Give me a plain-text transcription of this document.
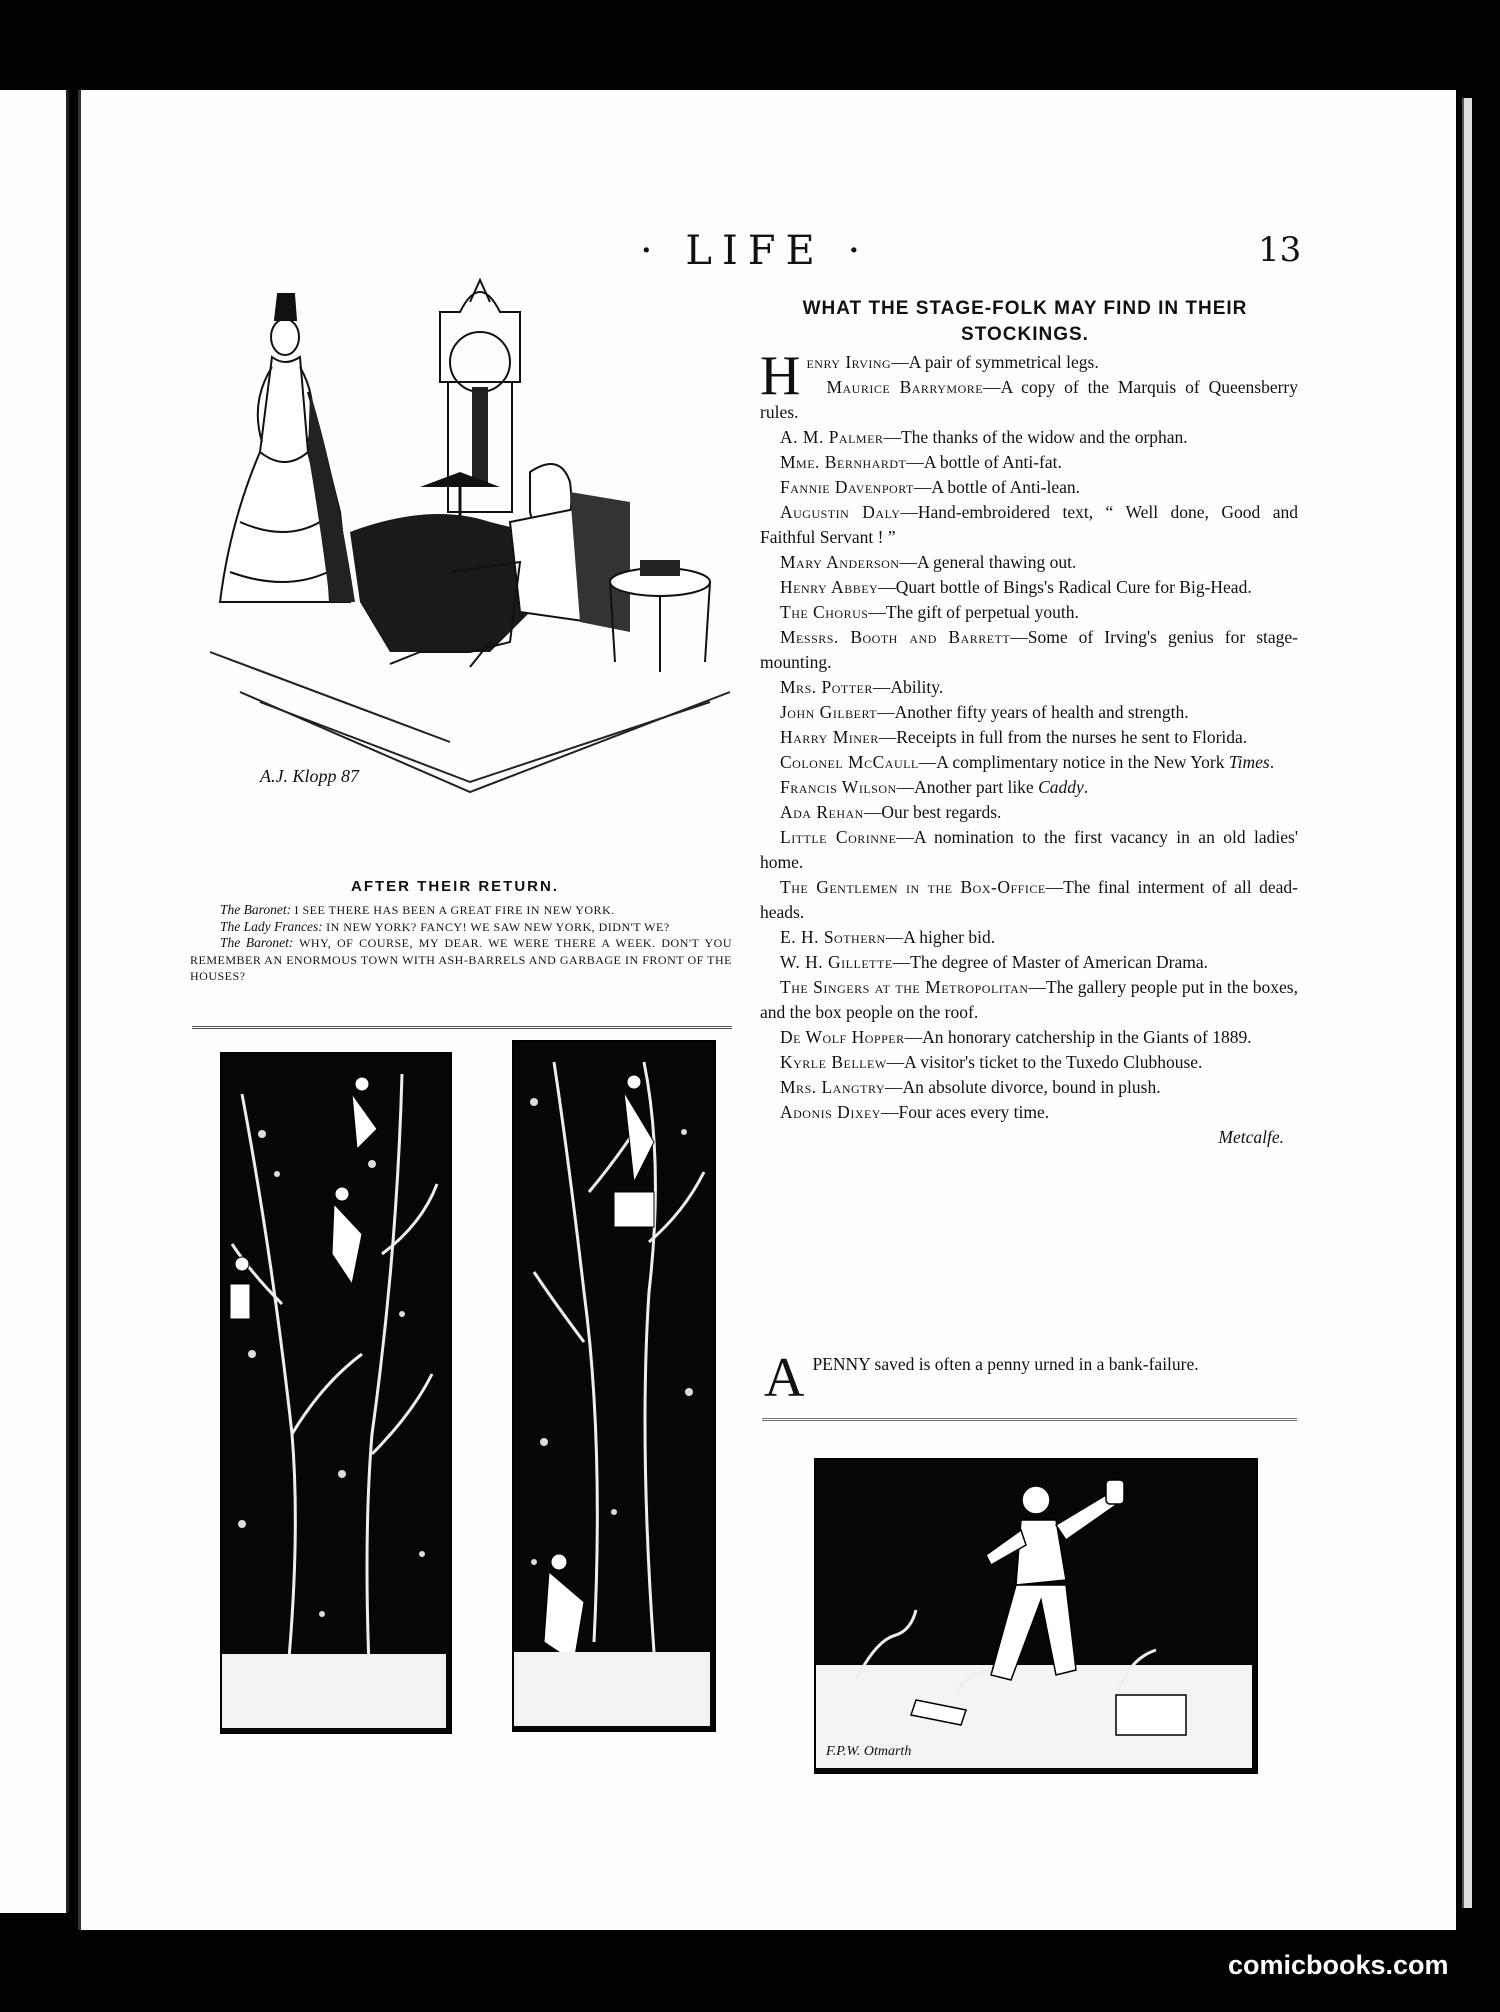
· LIFE ·	13
A.J. Klopp 87
AFTER THEIR RETURN.

The Baronet: I SEE THERE HAS BEEN A GREAT FIRE IN NEW YORK.

The Lady Frances: IN NEW YORK? FANCY! WE SAW NEW YORK, DIDN'T WE?

The Baronet: WHY, OF COURSE, MY DEAR. WE WERE THERE A WEEK. DON'T YOU REMEMBER AN ENORMOUS TOWN WITH ASH-BARRELS AND GARBAGE IN FRONT OF THE HOUSES?

WHAT THE STAGE-FOLK MAY FIND IN THEIR STOCKINGS.

Henry Irving—A pair of symmetrical legs.

Maurice Barrymore—A copy of the Marquis of Queensberry rules.

A. M. Palmer—The thanks of the widow and the orphan.

Mme. Bernhardt—A bottle of Anti-fat.

Fannie Davenport—A bottle of Anti-lean.

Augustin Daly—Hand-embroidered text, “ Well done, Good and Faithful Servant ! ”

Mary Anderson—A general thawing out.

Henry Abbey—Quart bottle of Bings's Radical Cure for Big-Head.

The Chorus—The gift of perpetual youth.

Messrs. Booth and Barrett—Some of Irving's genius for stage-mounting.

Mrs. Potter—Ability.

John Gilbert—Another fifty years of health and strength.

Harry Miner—Receipts in full from the nurses he sent to Florida.

Colonel McCaull—A complimentary notice in the New York Times.

Francis Wilson—Another part like Caddy.

Ada Rehan—Our best regards.

Little Corinne—A nomination to the first vacancy in an old ladies' home.

The Gentlemen in the Box-Office—The final interment of all dead-heads.

E. H. Sothern—A higher bid.

W. H. Gillette—The degree of Master of American Drama.

The Singers at the Metropolitan—The gallery people put in the boxes, and the box people on the roof.

De Wolf Hopper—An honorary catchership in the Giants of 1889.

Kyrle Bellew—A visitor's ticket to the Tuxedo Clubhouse.

Mrs. Langtry—An absolute divorce, bound in plush.

Adonis Dixey—Four aces every time.

Metcalfe.

APENNY saved is often a penny urned in a bank-failure.
F.P.W. Otmarth
comicbooks.com
